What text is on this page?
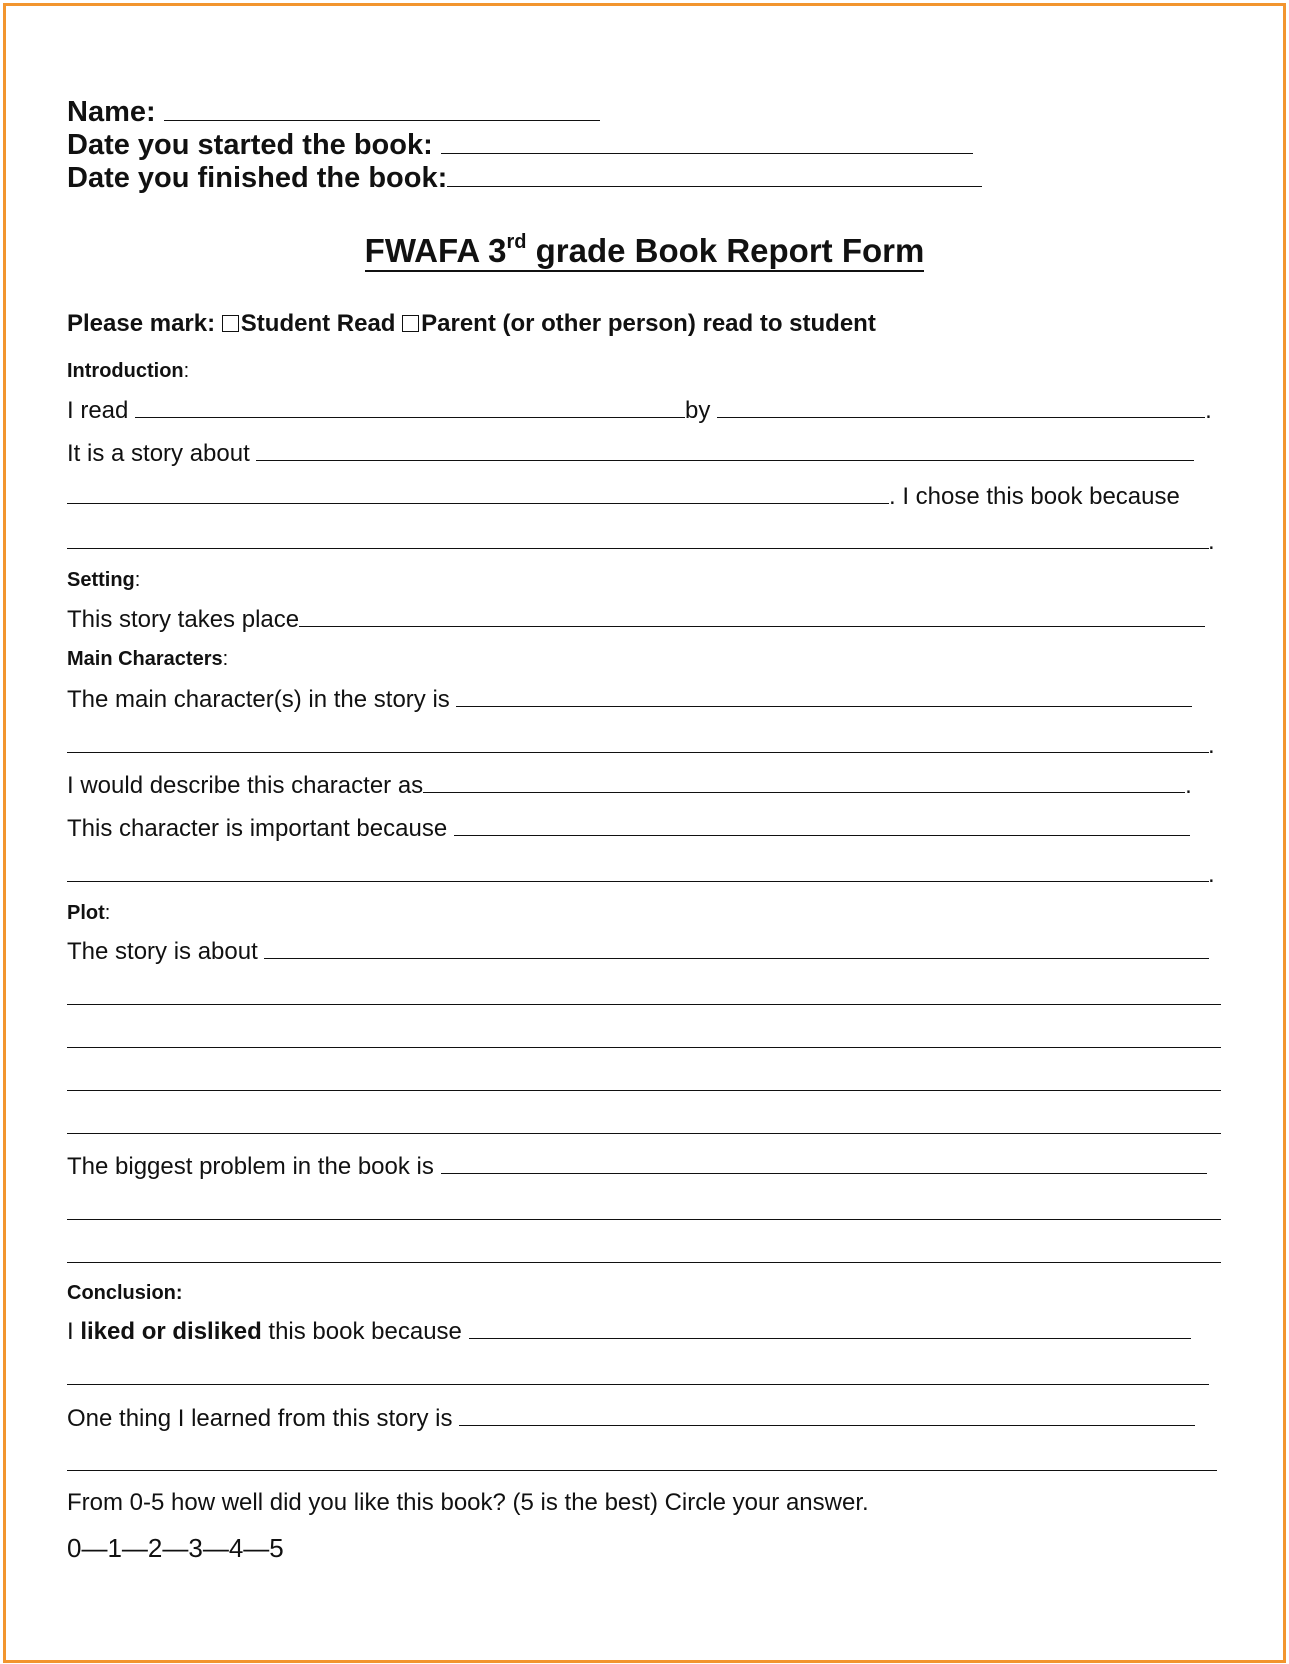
Name:
Date you started the book:
Date you finished the book:
FWAFA 3rd grade Book Report Form
Please mark: Student Read Parent (or other person) read to student
Introduction:
I read	by	.
It is a story about
. I chose this book because
.
Setting:
This story takes place
Main Characters:
The main character(s) in the story is
.
I would describe this character as	.
This character is important because
.
Plot:
The story is about
The biggest problem in the book is
Conclusion:
I liked or disliked this book because
One thing I learned from this story is
From 0-5 how well did you like this book? (5 is the best) Circle your answer.
0—1—2—3—4—5
